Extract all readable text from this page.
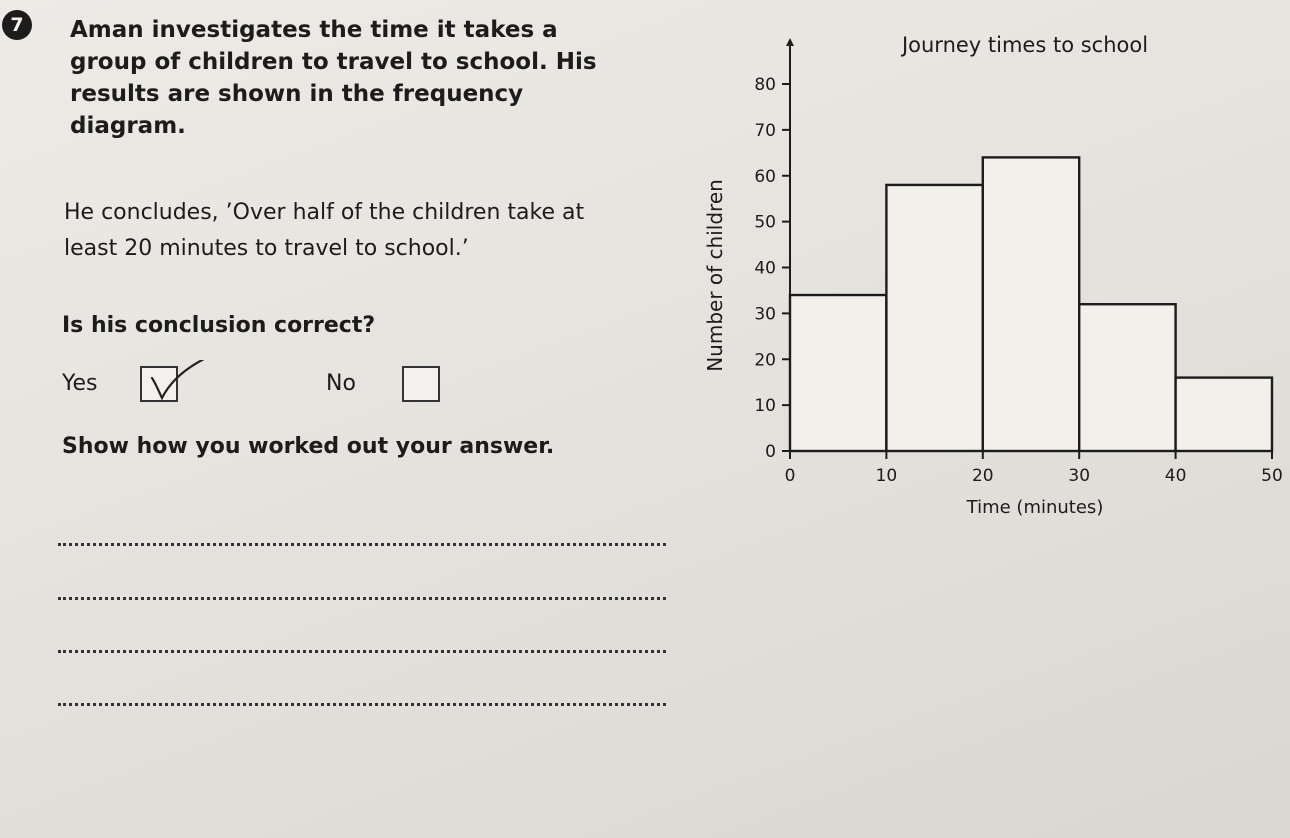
7	Aman investigates the time it takes a group of children to travel to school. His results are shown in the frequency diagram.

He concludes, ’Over half of the children take at least 20 minutes to travel to school.’

Is his conclusion correct?

Yes	No

Show how you worked out your answer.

Journey times to school
Number of children
Time (minutes)
0
10
20
30
40
50
60
70
80
0	10	20	30	40	50
